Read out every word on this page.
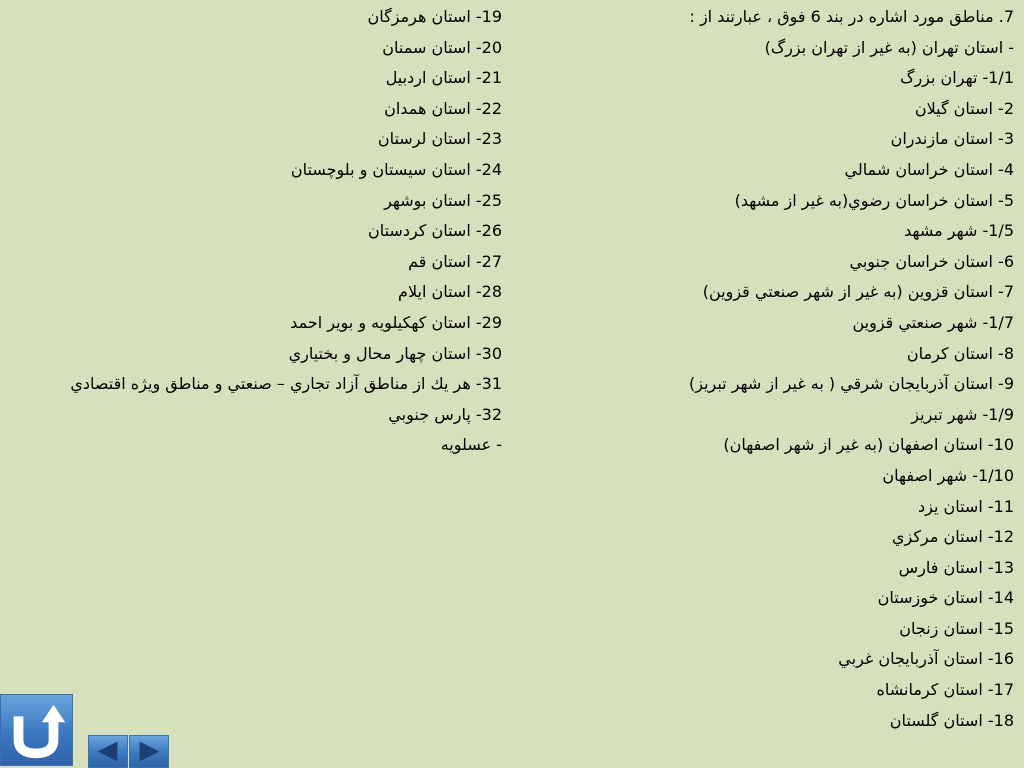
7. مناطق مورد اشاره در بند 6 فوق ، عبارتند از :
- استان تهران (به غير از تهران بزرگ)
1/1- تهران بزرگ
2- استان گيلان
3- استان مازندران
4- استان خراسان شمالي
5- استان خراسان رضوي(به غير از مشهد)
1/5- شهر مشهد
6- استان خراسان جنوبي
7- استان قزوين (به غير از شهر صنعتي قزوين)
1/7- شهر صنعتي قزوين
8- استان كرمان
9- استان آذربايجان شرقي ( به غير از شهر تبريز)
1/9- شهر تبريز
10- استان اصفهان (به غير از شهر اصفهان)
1/10- شهر اصفهان
11- استان يزد
12- استان مركزي
13- استان فارس
14- استان خوزستان
15- استان زنجان
16- استان آذربايجان غربي
17- استان كرمانشاه
18- استان گلستان
19- استان هرمزگان
20- استان سمنان
21- استان اردبيل
22- استان همدان
23- استان لرستان
24- استان سيستان و بلوچستان
25- استان بوشهر
26- استان كردستان
27- استان قم
28- استان ايلام
29- استان كهكيلويه و بوير احمد
30- استان چهار محال و بختياري
31- هر يك از مناطق آزاد تجاري – صنعتي و مناطق ويژه اقتصادي
32- پارس جنوبي
- عسلويه
